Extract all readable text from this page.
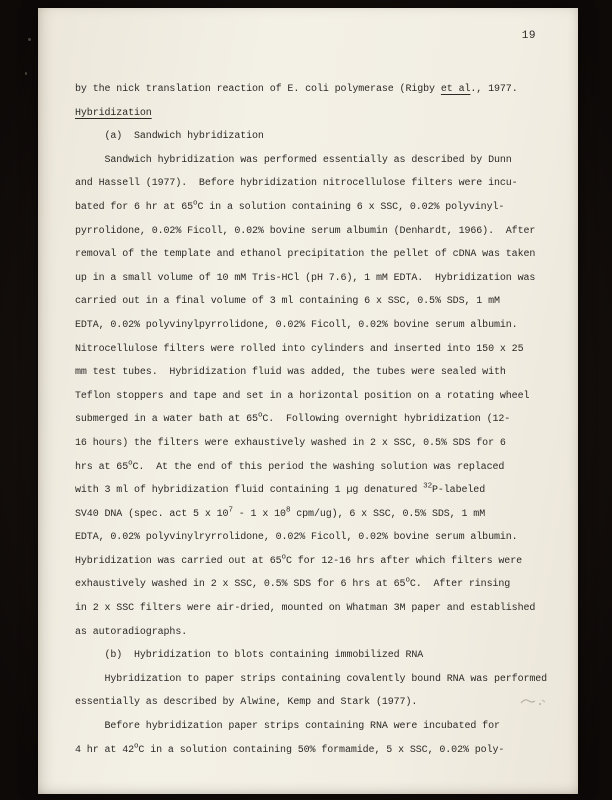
19
by the nick translation reaction of E. coli polymerase (Rigby et al., 1977.
Hybridization
(a)  Sandwich hybridization
Sandwich hybridization was performed essentially as described by Dunn
and Hassell (1977).  Before hybridization nitrocellulose filters were incu-
bated for 6 hr at 65$^o$C in a solution containing 6 x SSC, 0.02% polyvinyl-
pyrrolidone, 0.02% Ficoll, 0.02% bovine serum albumin (Denhardt, 1966).  After
removal of the template and ethanol precipitation the pellet of cDNA was taken
up in a small volume of 10 mM Tris-HCl (pH 7.6), 1 mM EDTA.  Hybridization was
carried out in a final volume of 3 ml containing 6 x SSC, 0.5% SDS, 1 mM
EDTA, 0.02% polyvinylpyrrolidone, 0.02% Ficoll, 0.02% bovine serum albumin.
Nitrocellulose filters were rolled into cylinders and inserted into 150 x 25
mm test tubes.  Hybridization fluid was added, the tubes were sealed with
Teflon stoppers and tape and set in a horizontal position on a rotating wheel
submerged in a water bath at 65$^o$C.  Following overnight hybridization (12-
16 hours) the filters were exhaustively washed in 2 x SSC, 0.5% SDS for 6
hrs at 65$^o$C.  At the end of this period the washing solution was replaced
with 3 ml of hybridization fluid containing 1 µg denatured $^{32}$P-labeled
SV40 DNA (spec. act 5 x $10^7 - 1$ x $10^8$ cpm/ug), 6 x SSC, 0.5% SDS, 1 mM
EDTA, 0.02% polyvinylryrrolidone, 0.02% Ficoll, 0.02% bovine serum albumin.
Hybridization was carried out at 65$^o$C for 12-16 hrs after which filters were
exhaustively washed in 2 x SSC, 0.5% SDS for 6 hrs at 65$^o$C.  After rinsing
in 2 x SSC filters were air-dried, mounted on Whatman 3M paper and established
as autoradiographs.
(b)  Hybridization to blots containing immobilized RNA
Hybridization to paper strips containing covalently bound RNA was performed
essentially as described by Alwine, Kemp and Stark (1977).
Before hybridization paper strips containing RNA were incubated for
4 hr at 42$^o$C in a solution containing 50% formamide, 5 x SSC, 0.02% poly-
